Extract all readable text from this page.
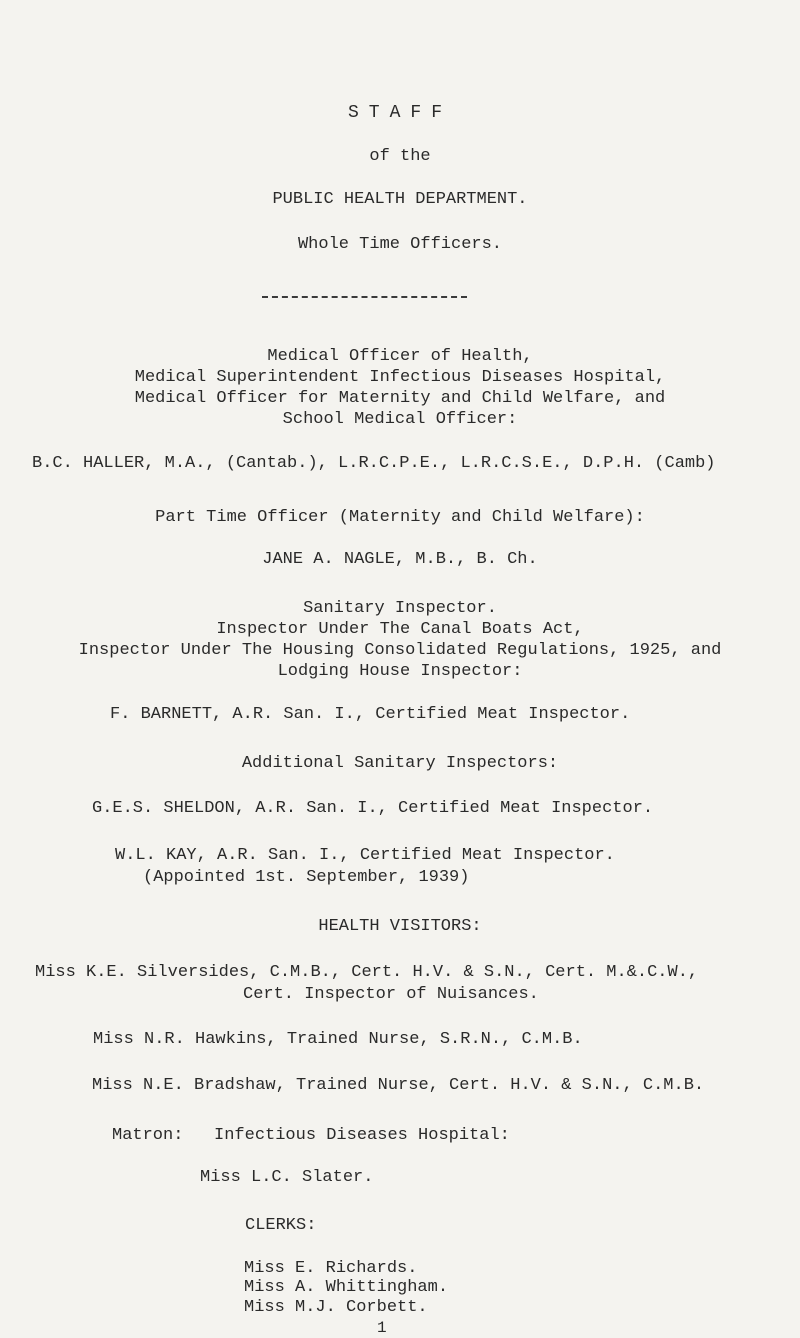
STAFF
of the
PUBLIC HEALTH DEPARTMENT.
Whole Time Officers.
Medical Officer of Health,
Medical Superintendent Infectious Diseases Hospital,
Medical Officer for Maternity and Child Welfare, and
School Medical Officer:
B.C. HALLER, M.A., (Cantab.), L.R.C.P.E., L.R.C.S.E., D.P.H. (Camb)
Part Time Officer (Maternity and Child Welfare):
JANE A. NAGLE, M.B., B. Ch.
Sanitary Inspector.
Inspector Under The Canal Boats Act,
Inspector Under The Housing Consolidated Regulations, 1925, and
Lodging House Inspector:
F. BARNETT, A.R. San. I., Certified Meat Inspector.
Additional Sanitary Inspectors:
G.E.S. SHELDON, A.R. San. I., Certified Meat Inspector.
W.L. KAY, A.R. San. I., Certified Meat Inspector.
(Appointed 1st. September, 1939)
HEALTH VISITORS:
Miss K.E. Silversides, C.M.B., Cert. H.V. & S.N., Cert. M.&.C.W.,
Cert. Inspector of Nuisances.
Miss N.R. Hawkins, Trained Nurse, S.R.N., C.M.B.
Miss N.E. Bradshaw, Trained Nurse, Cert. H.V. & S.N., C.M.B.
Matron:   Infectious Diseases Hospital:
Miss L.C. Slater.
CLERKS:
Miss E. Richards.
Miss A. Whittingham.
Miss M.J. Corbett.
1
